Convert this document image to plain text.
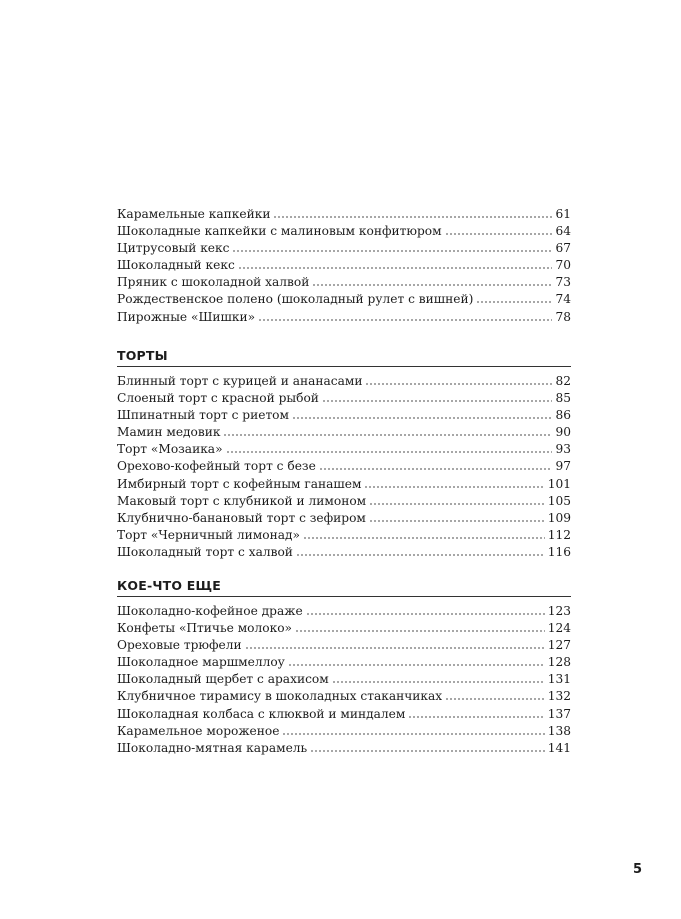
Карамельные капкейки	61
Шоколадные капкейки с малиновым конфитюром	64
Цитрусовый кекс	67
Шоколадный кекс	70
Пряник с шоколадной халвой	73
Рождественское полено (шоколадный рулет с вишней)	74
Пирожные «Шишки»	78
ТОРТЫ
Блинный торт с курицей и ананасами	82
Слоеный торт с красной рыбой	85
Шпинатный торт с риетом	86
Мамин медовик	90
Торт «Мозаика»	93
Орехово-кофейный торт с безе	97
Имбирный торт с кофейным ганашем	101
Маковый торт с клубникой и лимоном	105
Клубнично-банановый торт с зефиром	109
Торт «Черничный лимонад»	112
Шоколадный торт с халвой	116
КОЕ-ЧТО ЕЩЕ
Шоколадно-кофейное драже	123
Конфеты «Птичье молоко»	124
Ореховые трюфели	127
Шоколадное маршмеллоу	128
Шоколадный щербет с арахисом	131
Клубничное тирамису в шоколадных стаканчиках	132
Шоколадная колбаса с клюквой и миндалем	137
Карамельное мороженое	138
Шоколадно-мятная карамель	141
5
